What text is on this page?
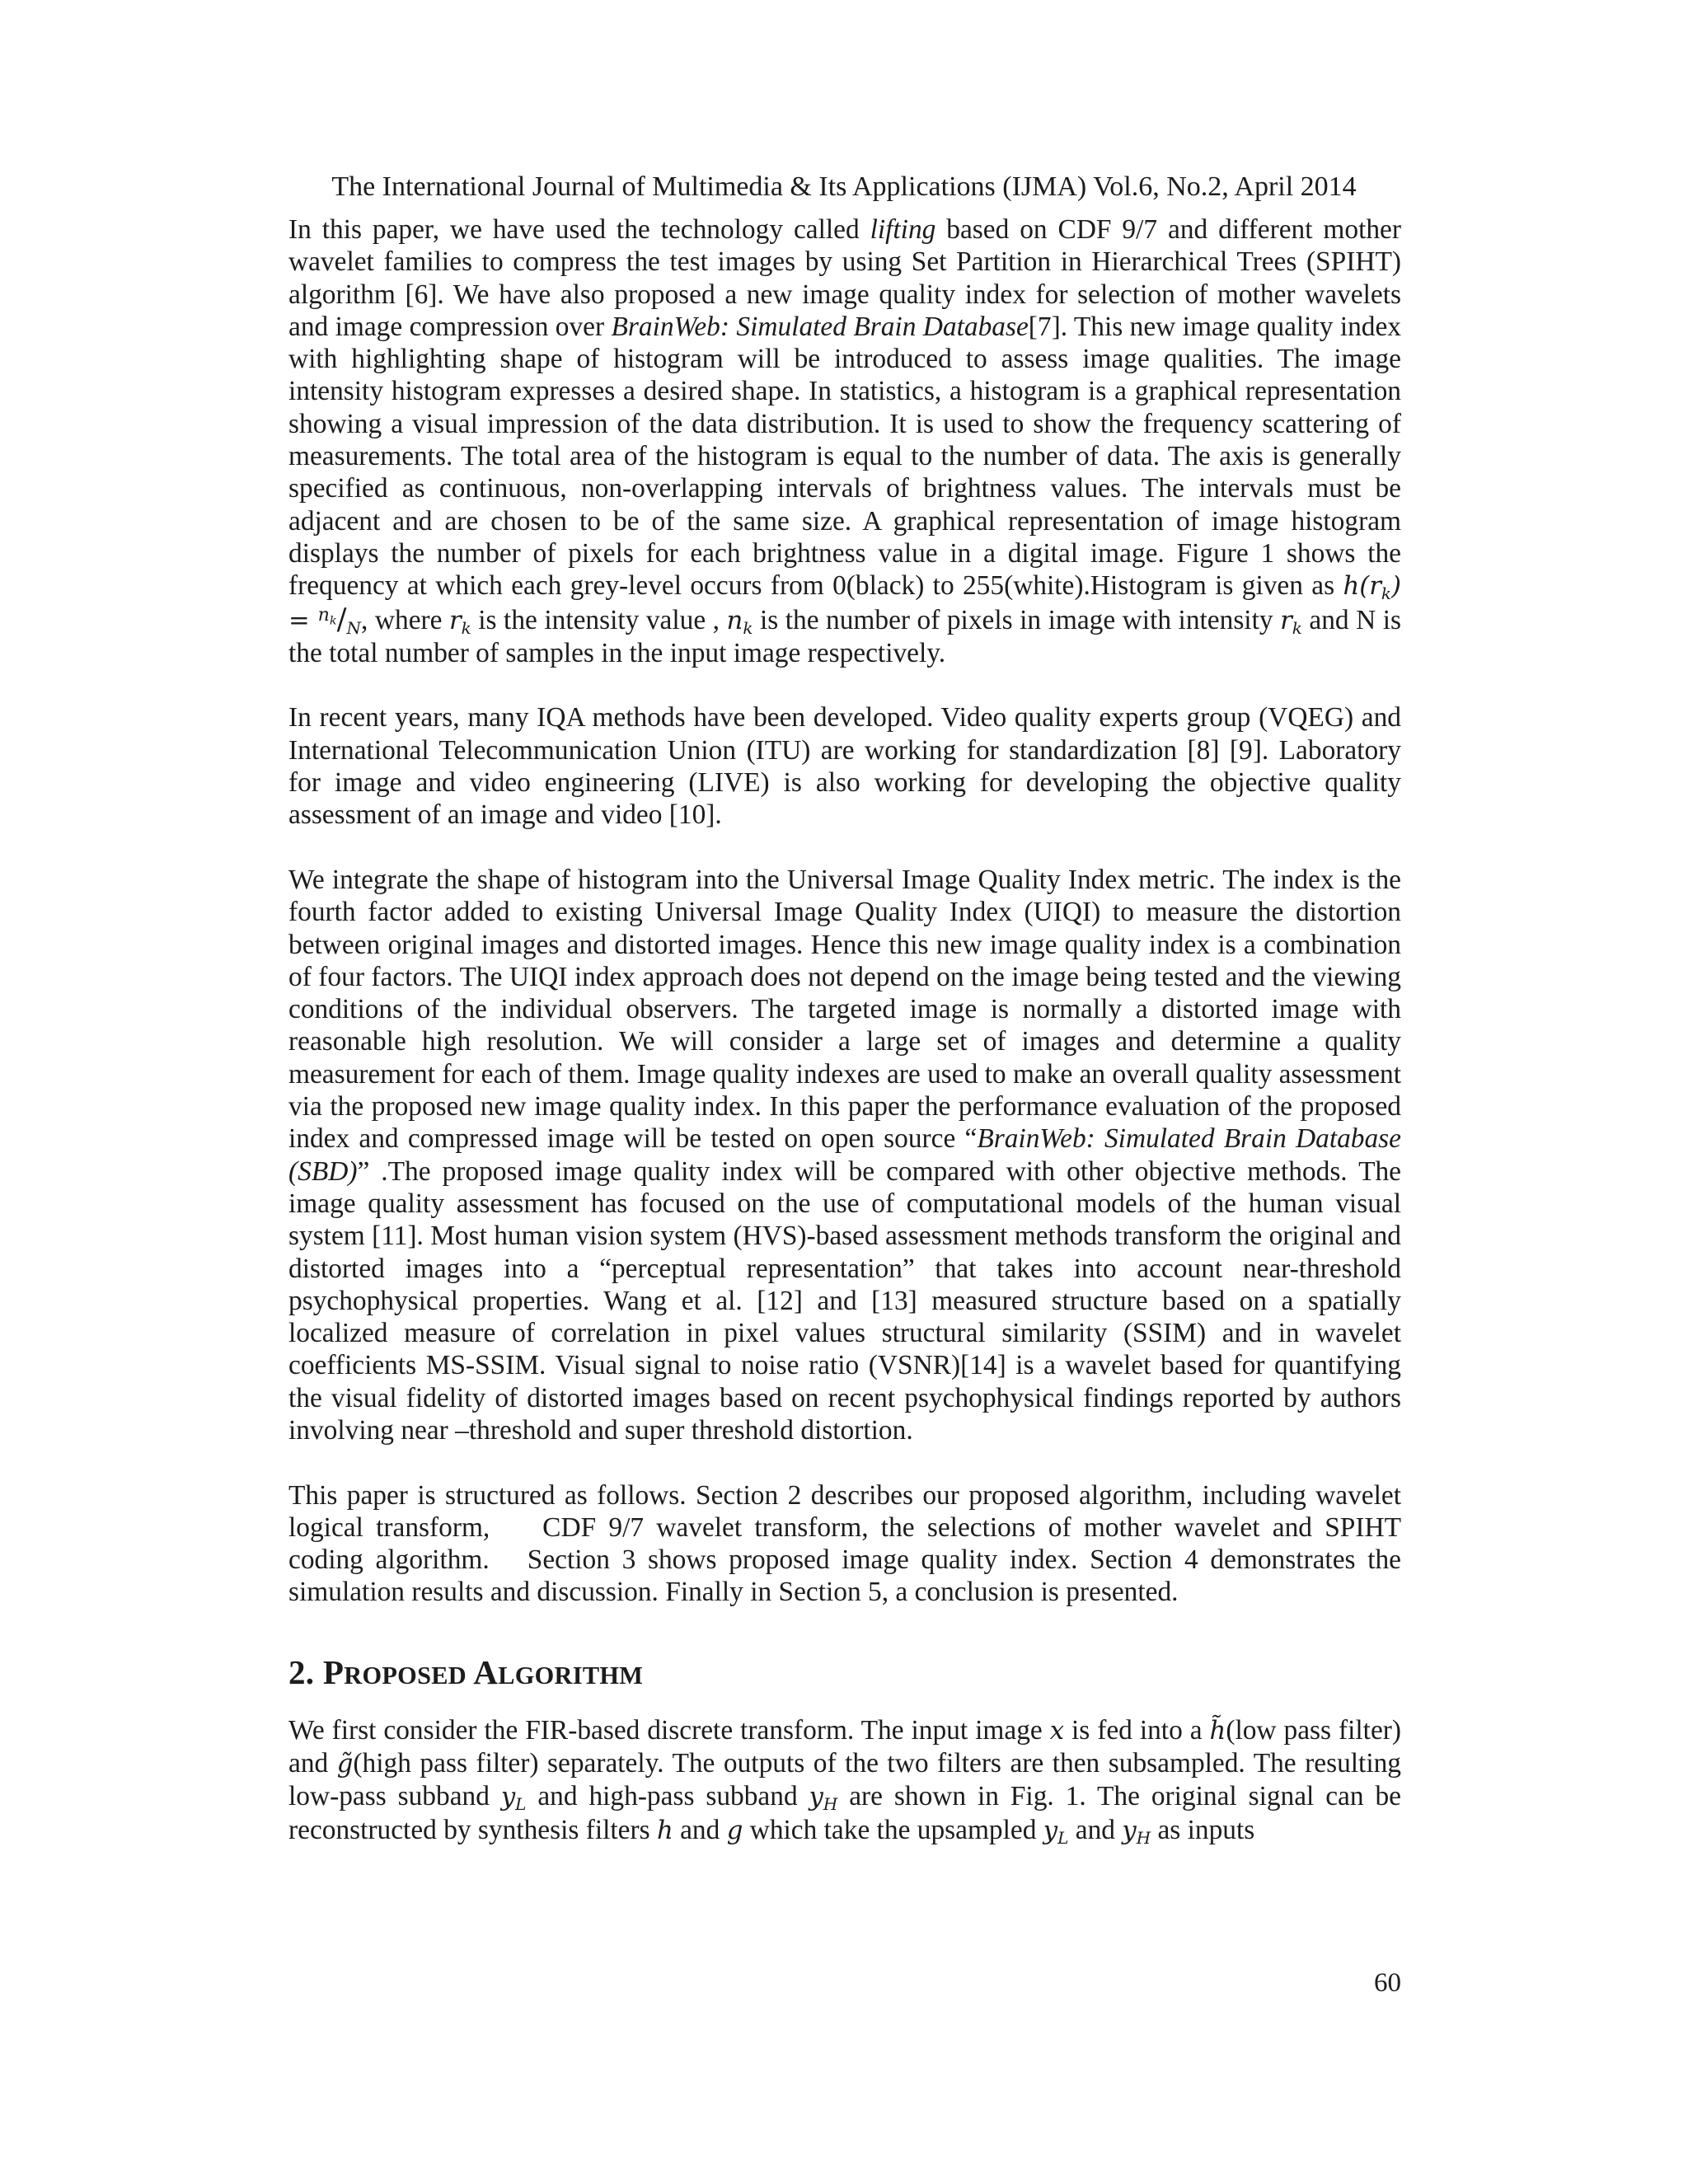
The International Journal of Multimedia & Its Applications (IJMA) Vol.6, No.2, April 2014

In this paper, we have used the technology called lifting based on CDF 9/7 and different mother wavelet families to compress the test images by using Set Partition in Hierarchical Trees (SPIHT) algorithm [6]. We have also proposed a new image quality index for selection of mother wavelets and image compression over BrainWeb: Simulated Brain Database[7]. This new image quality index with highlighting shape of histogram will be introduced to assess image qualities. The image intensity histogram expresses a desired shape. In statistics, a histogram is a graphical representation showing a visual impression of the data distribution. It is used to show the frequency scattering of measurements. The total area of the histogram is equal to the number of data. The axis is generally specified as continuous, non-overlapping intervals of brightness values. The intervals must be adjacent and are chosen to be of the same size. A graphical representation of image histogram displays the number of pixels for each brightness value in a digital image. Figure 1 shows the frequency at which each grey-level occurs from 0(black) to 255(white).Histogram is given as $h(r_k) = ^{n_k}/_N$, where $r_k$ is the intensity value , $n_k$ is the number of pixels in image with intensity $r_k$ and N is the total number of samples in the input image respectively.

In recent years, many IQA methods have been developed. Video quality experts group (VQEG) and International Telecommunication Union (ITU) are working for standardization [8] [9]. Laboratory for image and video engineering (LIVE) is also working for developing the objective quality assessment of an image and video [10].

We integrate the shape of histogram into the Universal Image Quality Index metric. The index is the fourth factor added to existing Universal Image Quality Index (UIQI) to measure the distortion between original images and distorted images. Hence this new image quality index is a combination of four factors. The UIQI index approach does not depend on the image being tested and the viewing conditions of the individual observers. The targeted image is normally a distorted image with reasonable high resolution. We will consider a large set of images and determine a quality measurement for each of them. Image quality indexes are used to make an overall quality assessment via the proposed new image quality index. In this paper the performance evaluation of the proposed index and compressed image will be tested on open source “BrainWeb: Simulated Brain Database (SBD)” .The proposed image quality index will be compared with other objective methods. The image quality assessment has focused on the use of computational models of the human visual system [11]. Most human vision system (HVS)-based assessment methods transform the original and distorted images into a “perceptual representation” that takes into account near-threshold psychophysical properties. Wang et al. [12] and [13] measured structure based on a spatially localized measure of correlation in pixel values structural similarity (SSIM) and in wavelet coefficients MS-SSIM. Visual signal to noise ratio (VSNR)[14] is a wavelet based for quantifying the visual fidelity of distorted images based on recent psychophysical findings reported by authors involving near –threshold and super threshold distortion.

This paper is structured as follows. Section 2 describes our proposed algorithm, including wavelet logical transform,   CDF 9/7 wavelet transform, the selections of mother wavelet and SPIHT coding algorithm.   Section 3 shows proposed image quality index. Section 4 demonstrates the simulation results and discussion. Finally in Section 5, a conclusion is presented.

2. PROPOSED ALGORITHM

We first consider the FIR-based discrete transform. The input image x is fed into a h̃(low pass filter) and g̃(high pass filter) separately. The outputs of the two filters are then subsampled. The resulting low-pass subband $y_L$ and high-pass subband $y_H$ are shown in Fig. 1. The original signal can be reconstructed by synthesis filters h and g which take the upsampled $y_L$ and $y_H$ as inputs

60
